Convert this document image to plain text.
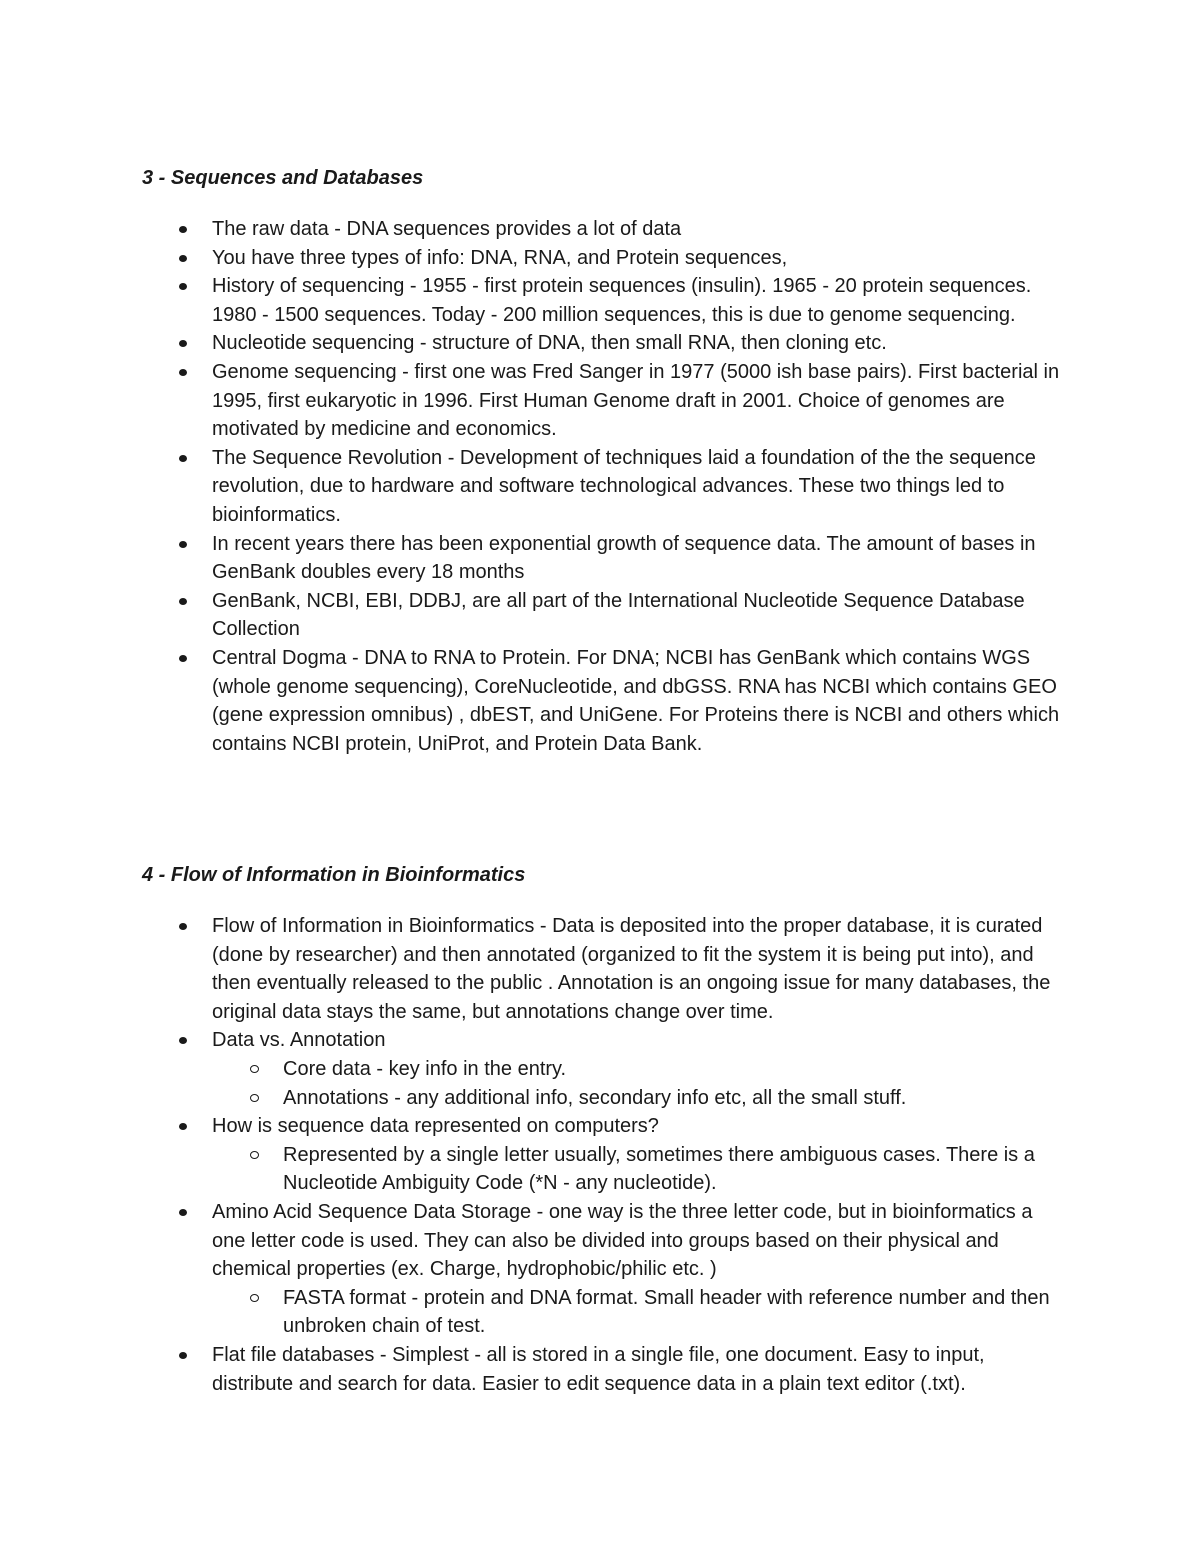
3 - Sequences and Databases
The raw data - DNA sequences provides a lot of data
You have three types of info: DNA, RNA, and Protein sequences,
History of sequencing - 1955 - first protein sequences (insulin). 1965 - 20 protein sequences. 1980 - 1500 sequences. Today - 200 million sequences, this is due to genome sequencing.
Nucleotide sequencing - structure of DNA, then small RNA, then cloning etc.
Genome sequencing - first one was Fred Sanger in 1977 (5000 ish base pairs). First bacterial in 1995, first eukaryotic in 1996. First Human Genome draft in 2001. Choice of genomes are motivated by medicine and economics.
The Sequence Revolution - Development of techniques laid a foundation of the the sequence revolution, due to hardware and software technological advances. These two things led to bioinformatics.
In recent years there has been exponential growth of sequence data. The amount of bases in GenBank doubles every 18 months
GenBank, NCBI, EBI, DDBJ, are all part of the International Nucleotide Sequence Database Collection
Central Dogma - DNA to RNA to Protein. For DNA; NCBI has GenBank which contains WGS (whole genome sequencing), CoreNucleotide, and dbGSS. RNA has NCBI which contains GEO (gene expression omnibus) , dbEST, and UniGene. For Proteins there is NCBI and others which contains NCBI protein, UniProt, and Protein Data Bank.
4 - Flow of Information in Bioinformatics
Flow of Information in Bioinformatics - Data is deposited into the proper database, it is curated (done by researcher) and then annotated (organized to fit the system it is being put into), and then eventually released to the public . Annotation is an ongoing issue for many databases, the original data stays the same, but annotations change over time.
Data vs. Annotation
Core data - key info in the entry.
Annotations - any additional info, secondary info etc, all the small stuff.
How is sequence data represented on computers?
Represented by a single letter usually, sometimes there ambiguous cases. There is a Nucleotide Ambiguity Code (*N - any nucleotide).
Amino Acid Sequence Data Storage - one way is the three letter code, but in bioinformatics a one letter code is used. They can also be divided into groups based on their physical and chemical properties (ex. Charge, hydrophobic/philic etc. )
FASTA format - protein and DNA format. Small header with reference number and then unbroken chain of test.
Flat file databases - Simplest - all is stored in a single file, one document. Easy to input, distribute and search for data. Easier to edit sequence data in a plain text editor (.txt).
